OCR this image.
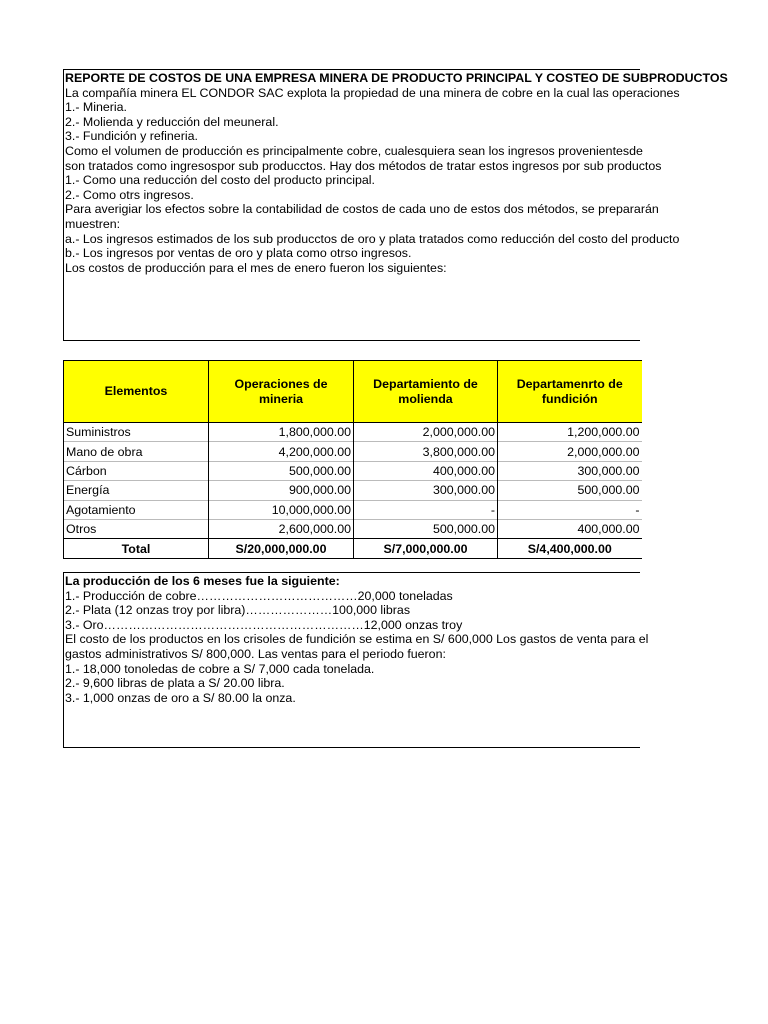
REPORTE DE COSTOS DE UNA EMPRESA MINERA DE PRODUCTO PRINCIPAL Y COSTEO DE SUBPRODUCTOS
La compañía minera EL CONDOR SAC explota la propiedad de una minera de cobre en la cual las operaciones
1.- Mineria.
2.- Molienda y reducción del meuneral.
3.- Fundición y refineria.
Como el volumen de producción es principalmente cobre, cualesquiera sean los ingresos provenientesde
son tratados como ingresospor sub producctos. Hay dos métodos de tratar estos ingresos por sub productos
1.- Como una reducción del costo del producto principal.
2.- Como otrs ingresos.
Para averigiar los efectos sobre la contabilidad de costos de cada uno de estos dos métodos, se prepararán
muestren:
a.- Los ingresos estimados de los sub producctos de oro y plata tratados como reducción del costo del producto
b.- Los ingresos por ventas de oro y plata como otrso ingresos.
Los costos de producción para el mes de enero fueron los siguientes:
Elementos	Operaciones de mineria	Departamiento de molienda	Departamenrto de fundición
Suministros	1,800,000.00	2,000,000.00	1,200,000.00
Mano de obra	4,200,000.00	3,800,000.00	2,000,000.00
Cárbon	500,000.00	400,000.00	300,000.00
Energía	900,000.00	300,000.00	500,000.00
Agotamiento	10,000,000.00	-	-
Otros	2,600,000.00	500,000.00	400,000.00
Total	S/20,000,000.00	S/7,000,000.00	S/4,400,000.00
La producción de los 6 meses fue la siguiente:
1.- Producción de cobre…………………………………20,000 toneladas
2.- Plata (12 onzas troy por libra)…………………100,000 libras
3.- Oro………………………………………………………12,000 onzas troy
El costo de los productos en los crisoles de fundición se estima en S/ 600,000 Los gastos de venta para el
gastos administrativos S/ 800,000. Las ventas para el periodo fueron:
1.- 18,000 tonoledas de cobre a S/ 7,000 cada tonelada.
2.- 9,600 libras de plata a S/ 20.00 libra.
3.- 1,000 onzas de oro a S/ 80.00 la onza.
